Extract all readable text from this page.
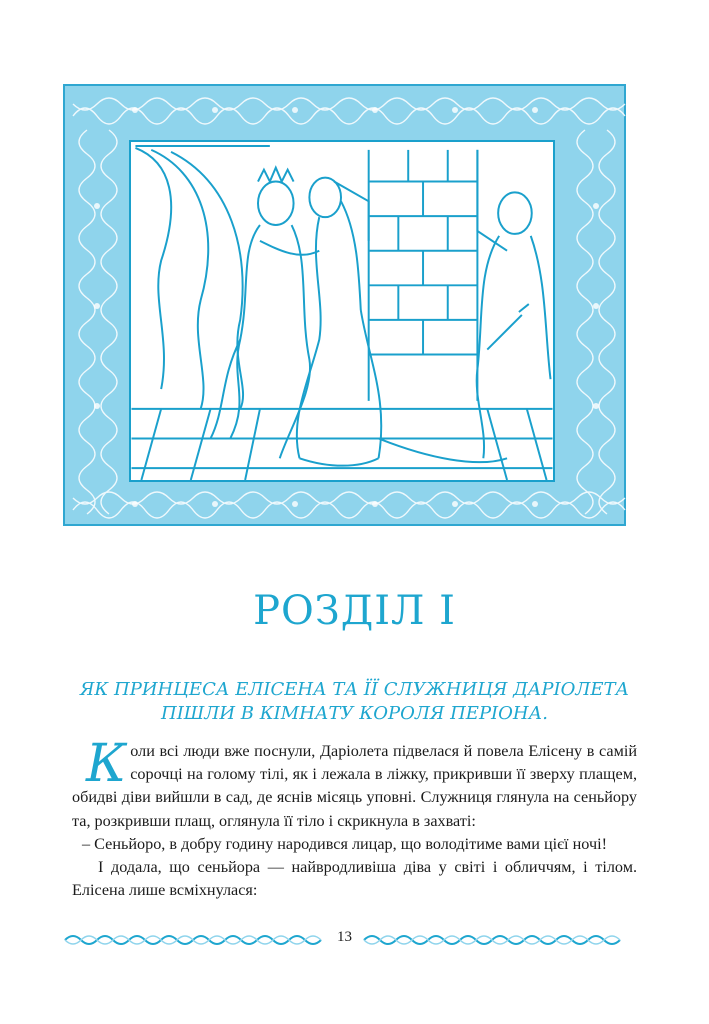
РОЗДІЛ І
ЯК ПРИНЦЕСА ЕЛІСЕНА ТА ЇЇ СЛУЖНИЦЯ ДАРІОЛЕТА
ПІШЛИ В КІМНАТУ КОРОЛЯ ПЕРІОНА.

Коли всі люди вже поснули, Даріолета підвелася й повела Елісену в самій сорочці на голому тілі, як і лежала в ліжку, прикривши її зверху плащем, обидві діви вийшли в сад, де яснів місяць уповні. Служниця глянула на сеньйору та, розкривши плащ, оглянула її тіло і скрикнула в захваті:

– Сеньйоро, в добру годину народився лицар, що володітиме вами цієї ночі!

І додала, що сеньйора — найвродливіша діва у світі і обличчям, і тілом. Елісена лише всміхнулася:

13
